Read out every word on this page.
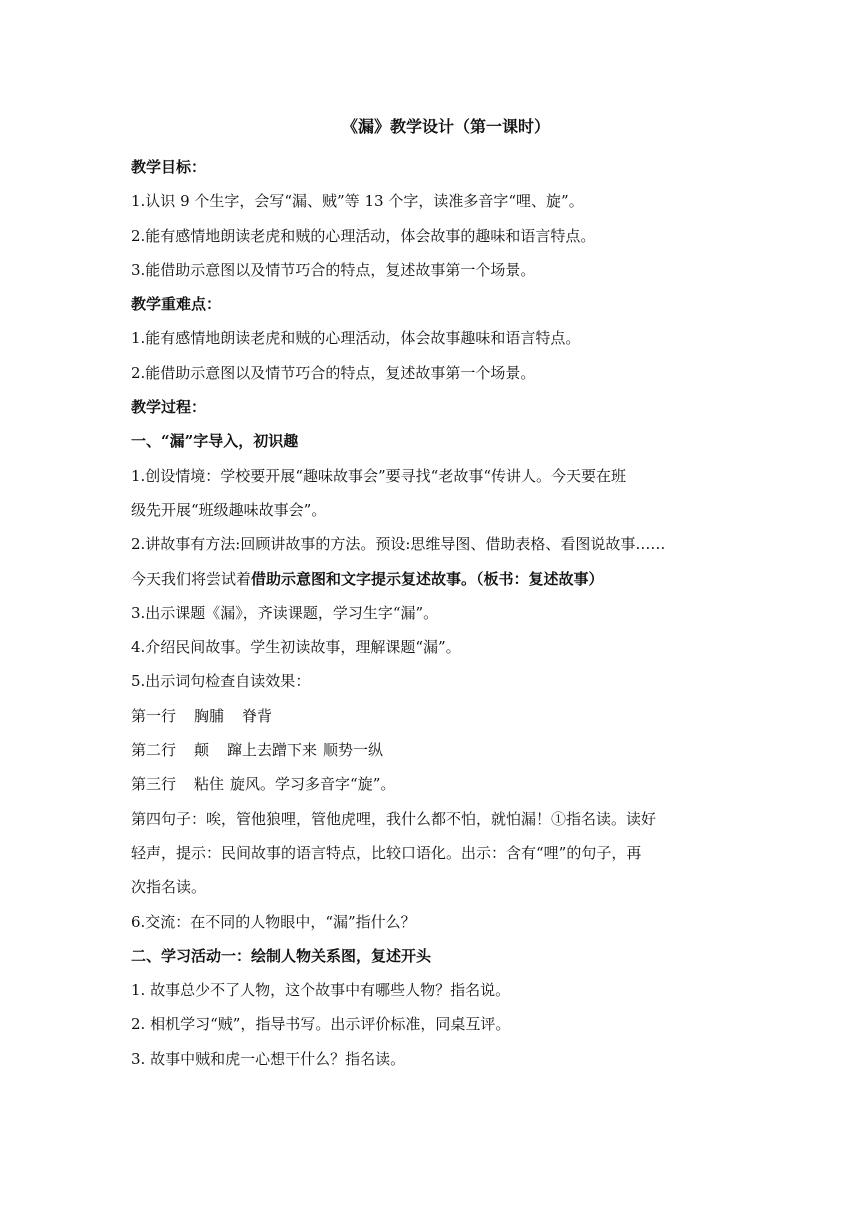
《漏》教学设计（第一课时）

教学目标：

1.认识 9 个生字，会写“漏、贼”等 13 个字，读准多音字“哩、旋”。

2.能有感情地朗读老虎和贼的心理活动，体会故事的趣味和语言特点。

3.能借助示意图以及情节巧合的特点，复述故事第一个场景。

教学重难点：

1.能有感情地朗读老虎和贼的心理活动，体会故事趣味和语言特点。

2.能借助示意图以及情节巧合的特点，复述故事第一个场景。

教学过程：

一、“漏”字导入，初识趣

1.创设情境：学校要开展“趣味故事会”要寻找“老故事“传讲人。今天要在班

级先开展“班级趣味故事会”。

2.讲故事有方法:回顾讲故事的方法。预设:思维导图、借助表格、看图说故事……

今天我们将尝试着借助示意图和文字提示复述故事。（板书：复述故事）

3.出示课题《漏》，齐读课题，学习生字“漏”。

4.介绍民间故事。学生初读故事，理解课题“漏”。

5.出示词句检查自读效果：

第一行 胸脯 脊背

第二行 颠 蹿上去蹭下来 顺势一纵

第三行 粘住 旋风。学习多音字“旋”。

第四句子：唉，管他狼哩，管他虎哩，我什么都不怕，就怕漏！①指名读。读好

轻声，提示：民间故事的语言特点，比较口语化。出示：含有“哩”的句子，再

次指名读。

6.交流：在不同的人物眼中，“漏”指什么？

二、学习活动一：绘制人物关系图，复述开头

1. 故事总少不了人物，这个故事中有哪些人物？指名说。

2. 相机学习“贼”，指导书写。出示评价标准，同桌互评。

3. 故事中贼和虎一心想干什么？指名读。
